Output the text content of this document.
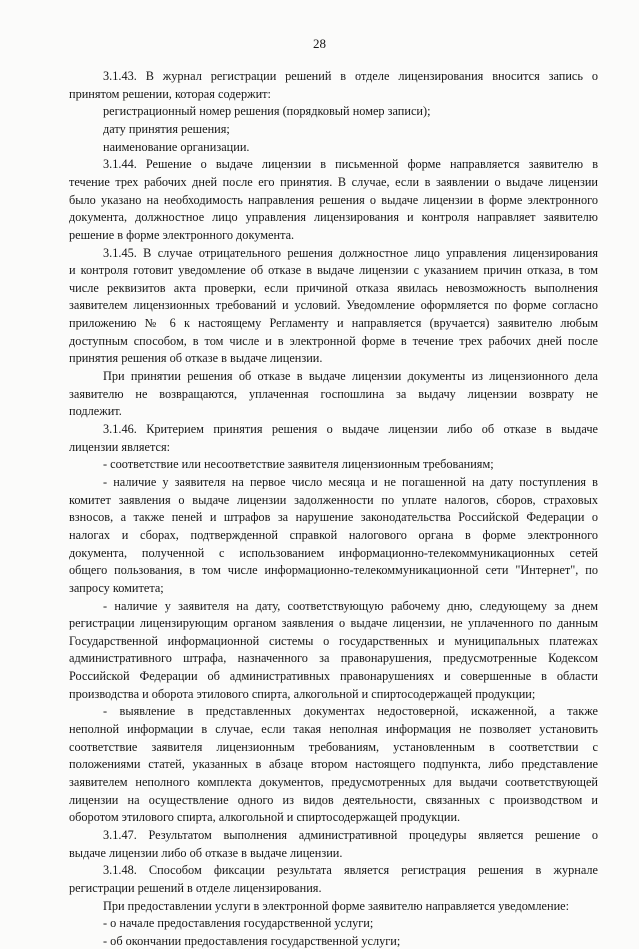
28
3.1.43. В журнал регистрации решений в отделе лицензирования вносится запись о
принятом решении, которая содержит:
регистрационный номер решения (порядковый номер записи);
дату принятия решения;
наименование организации.
3.1.44. Решение о выдаче лицензии в письменной форме направляется заявителю в
течение трех рабочих дней после его принятия. В случае, если в заявлении о выдаче лицензии
было указано на необходимость направления решения о выдаче лицензии в форме электронного
документа, должностное лицо управления лицензирования и контроля направляет заявителю
решение в форме электронного документа.
3.1.45. В случае отрицательного решения должностное лицо управления лицензирования
и контроля готовит уведомление об отказе в выдаче лицензии с указанием причин отказа, в том
числе реквизитов акта проверки, если причиной отказа явилась невозможность выполнения
заявителем лицензионных требований и условий. Уведомление оформляется по форме согласно
приложению № 6 к настоящему Регламенту и направляется (вручается) заявителю любым
доступным способом, в том числе и в электронной форме в течение трех рабочих дней после
принятия решения об отказе в выдаче лицензии.
При принятии решения об отказе в выдаче лицензии документы из лицензионного дела
заявителю не возвращаются, уплаченная госпошлина за выдачу лицензии возврату не
подлежит.
3.1.46. Критерием принятия решения о выдаче лицензии либо об отказе в выдаче
лицензии является:
- соответствие или несоответствие заявителя лицензионным требованиям;
- наличие у заявителя на первое число месяца и не погашенной на дату поступления в
комитет заявления о выдаче лицензии задолженности по уплате налогов, сборов, страховых
взносов, а также пеней и штрафов за нарушение законодательства Российской Федерации о
налогах и сборах, подтвержденной справкой налогового органа в форме электронного
документа, полученной с использованием информационно-телекоммуникационных сетей
общего пользования, в том числе информационно-телекоммуникационной сети "Интернет", по
запросу комитета;
- наличие у заявителя на дату, соответствующую рабочему дню, следующему за днем
регистрации лицензирующим органом заявления о выдаче лицензии, не уплаченного по данным
Государственной информационной системы о государственных и муниципальных платежах
административного штрафа, назначенного за правонарушения, предусмотренные Кодексом
Российской Федерации об административных правонарушениях и совершенные в области
производства и оборота этилового спирта, алкогольной и спиртосодержащей продукции;
- выявление в представленных документах недостоверной, искаженной, а также
неполной информации в случае, если такая неполная информация не позволяет установить
соответствие заявителя лицензионным требованиям, установленным в соответствии с
положениями статей, указанных в абзаце втором настоящего подпункта, либо представление
заявителем неполного комплекта документов, предусмотренных для выдачи соответствующей
лицензии на осуществление одного из видов деятельности, связанных с производством и
оборотом этилового спирта, алкогольной и спиртосодержащей продукции.
3.1.47. Результатом выполнения административной процедуры является решение о
выдаче лицензии либо об отказе в выдаче лицензии.
3.1.48. Способом фиксации результата является регистрация решения в журнале
регистрации решений в отделе лицензирования.
При предоставлении услуги в электронной форме заявителю направляется уведомление:
- о начале предоставления государственной услуги;
- об окончании предоставления государственной услуги;
